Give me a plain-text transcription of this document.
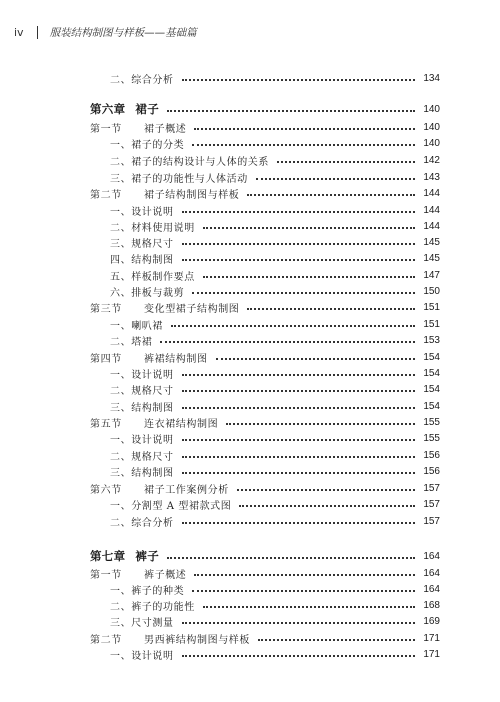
iv 服装结构制图与样板——基础篇
二、综合分析	134
第六章 裙子	140
第一节 裙子概述	140
一、裙子的分类	140
二、裙子的结构设计与人体的关系	142
三、裙子的功能性与人体活动	143
第二节 裙子结构制图与样板	144
一、设计说明	144
二、材料使用说明	144
三、规格尺寸	145
四、结构制图	145
五、样板制作要点	147
六、排板与裁剪	150
第三节 变化型裙子结构制图	151
一、喇叭裙	151
二、塔裙	153
第四节 裤裙结构制图	154
一、设计说明	154
二、规格尺寸	154
三、结构制图	154
第五节 连衣裙结构制图	155
一、设计说明	155
二、规格尺寸	156
三、结构制图	156
第六节 裙子工作案例分析	157
一、分割型 A 型裙款式图	157
二、综合分析	157
第七章 裤子	164
第一节 裤子概述	164
一、裤子的种类	164
二、裤子的功能性	168
三、尺寸测量	169
第二节 男西裤结构制图与样板	171
一、设计说明	171
